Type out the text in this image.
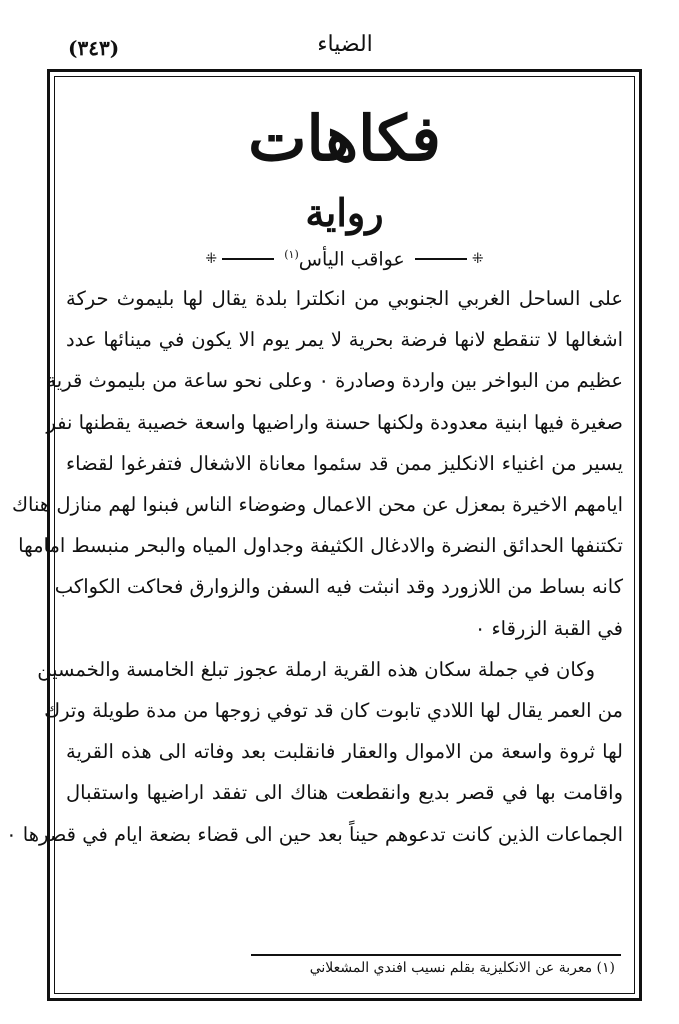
(٣٤٣)	الضياء
فكاهات
رواية
⁜
عواقب اليأس$^{(١)}$
⁜
على الساحل الغربي الجنوبي من انكلترا بلدة يقال لها بليموث حركة
اشغالها لا تنقطع لانها فرضة بحرية لا يمر يوم الا يكون في مينائها عدد
عظيم من البواخر بين واردة وصادرة ٠ وعلى نحو ساعة من بليموث قرية
صغيرة فيها ابنية معدودة ولكنها حسنة واراضيها واسعة خصيبة يقطنها نفر
يسير من اغنياء الانكليز ممن قد سئموا معاناة الاشغال فتفرغوا لقضاء
ايامهم الاخيرة بمعزل عن محن الاعمال وضوضاء الناس فبنوا لهم منازل هناك
تكتنفها الحدائق النضرة والادغال الكثيفة وجداول المياه والبحر منبسط امامها
كانه بساط من اللازورد وقد انبثت فيه السفن والزوارق فحاكت الكواكب
في القبة الزرقاء ٠
وكان في جملة سكان هذه القرية ارملة عجوز تبلغ الخامسة والخمسين
من العمر يقال لها اللادي تابوت كان قد توفي زوجها من مدة طويلة وترك
لها ثروة واسعة من الاموال والعقار فانقلبت بعد وفاته الى هذه القرية
واقامت بها في قصر بديع وانقطعت هناك الى تفقد اراضيها واستقبال
الجماعات الذين كانت تدعوهم حيناً بعد حين الى قضاء بضعة ايام في قصرها ٠
(١) معربة عن الانكليزية بقلم نسيب افندي المشعلاني
